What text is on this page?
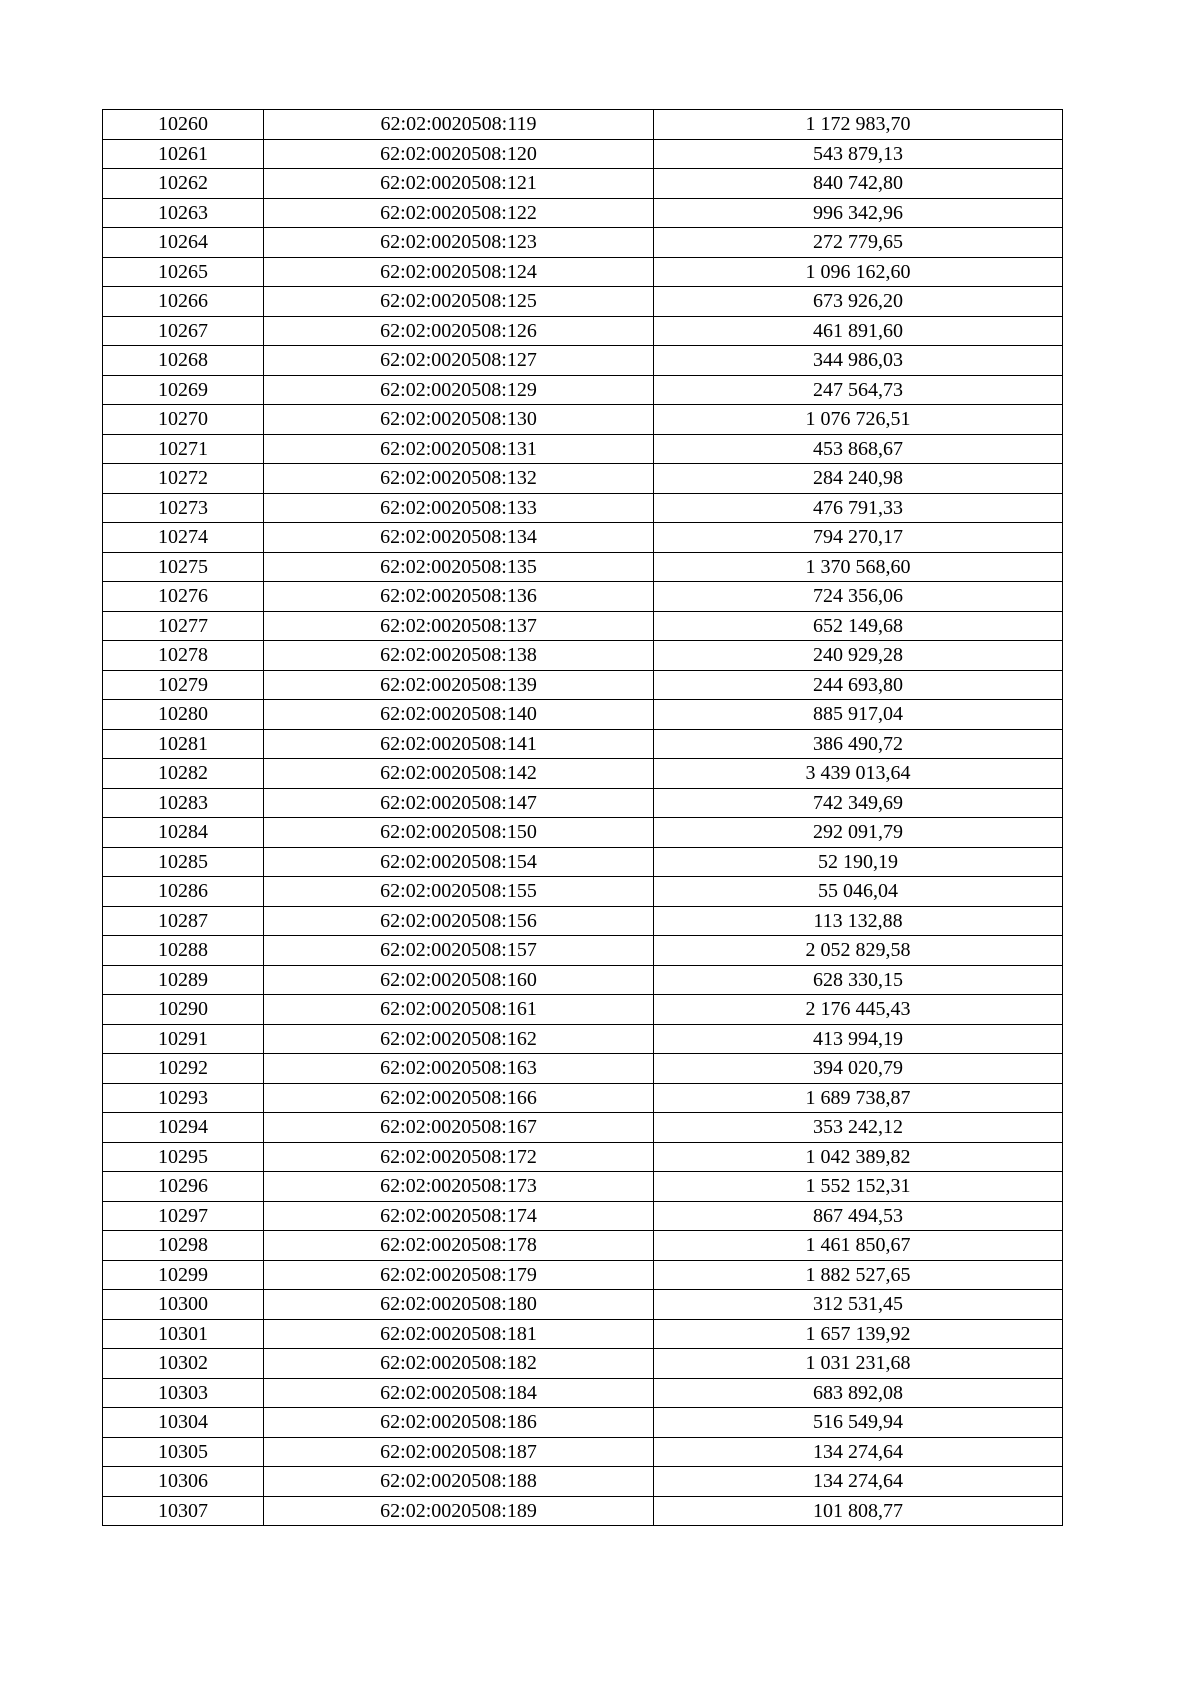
10260	62:02:0020508:119	1 172 983,70
10261	62:02:0020508:120	543 879,13
10262	62:02:0020508:121	840 742,80
10263	62:02:0020508:122	996 342,96
10264	62:02:0020508:123	272 779,65
10265	62:02:0020508:124	1 096 162,60
10266	62:02:0020508:125	673 926,20
10267	62:02:0020508:126	461 891,60
10268	62:02:0020508:127	344 986,03
10269	62:02:0020508:129	247 564,73
10270	62:02:0020508:130	1 076 726,51
10271	62:02:0020508:131	453 868,67
10272	62:02:0020508:132	284 240,98
10273	62:02:0020508:133	476 791,33
10274	62:02:0020508:134	794 270,17
10275	62:02:0020508:135	1 370 568,60
10276	62:02:0020508:136	724 356,06
10277	62:02:0020508:137	652 149,68
10278	62:02:0020508:138	240 929,28
10279	62:02:0020508:139	244 693,80
10280	62:02:0020508:140	885 917,04
10281	62:02:0020508:141	386 490,72
10282	62:02:0020508:142	3 439 013,64
10283	62:02:0020508:147	742 349,69
10284	62:02:0020508:150	292 091,79
10285	62:02:0020508:154	52 190,19
10286	62:02:0020508:155	55 046,04
10287	62:02:0020508:156	113 132,88
10288	62:02:0020508:157	2 052 829,58
10289	62:02:0020508:160	628 330,15
10290	62:02:0020508:161	2 176 445,43
10291	62:02:0020508:162	413 994,19
10292	62:02:0020508:163	394 020,79
10293	62:02:0020508:166	1 689 738,87
10294	62:02:0020508:167	353 242,12
10295	62:02:0020508:172	1 042 389,82
10296	62:02:0020508:173	1 552 152,31
10297	62:02:0020508:174	867 494,53
10298	62:02:0020508:178	1 461 850,67
10299	62:02:0020508:179	1 882 527,65
10300	62:02:0020508:180	312 531,45
10301	62:02:0020508:181	1 657 139,92
10302	62:02:0020508:182	1 031 231,68
10303	62:02:0020508:184	683 892,08
10304	62:02:0020508:186	516 549,94
10305	62:02:0020508:187	134 274,64
10306	62:02:0020508:188	134 274,64
10307	62:02:0020508:189	101 808,77
